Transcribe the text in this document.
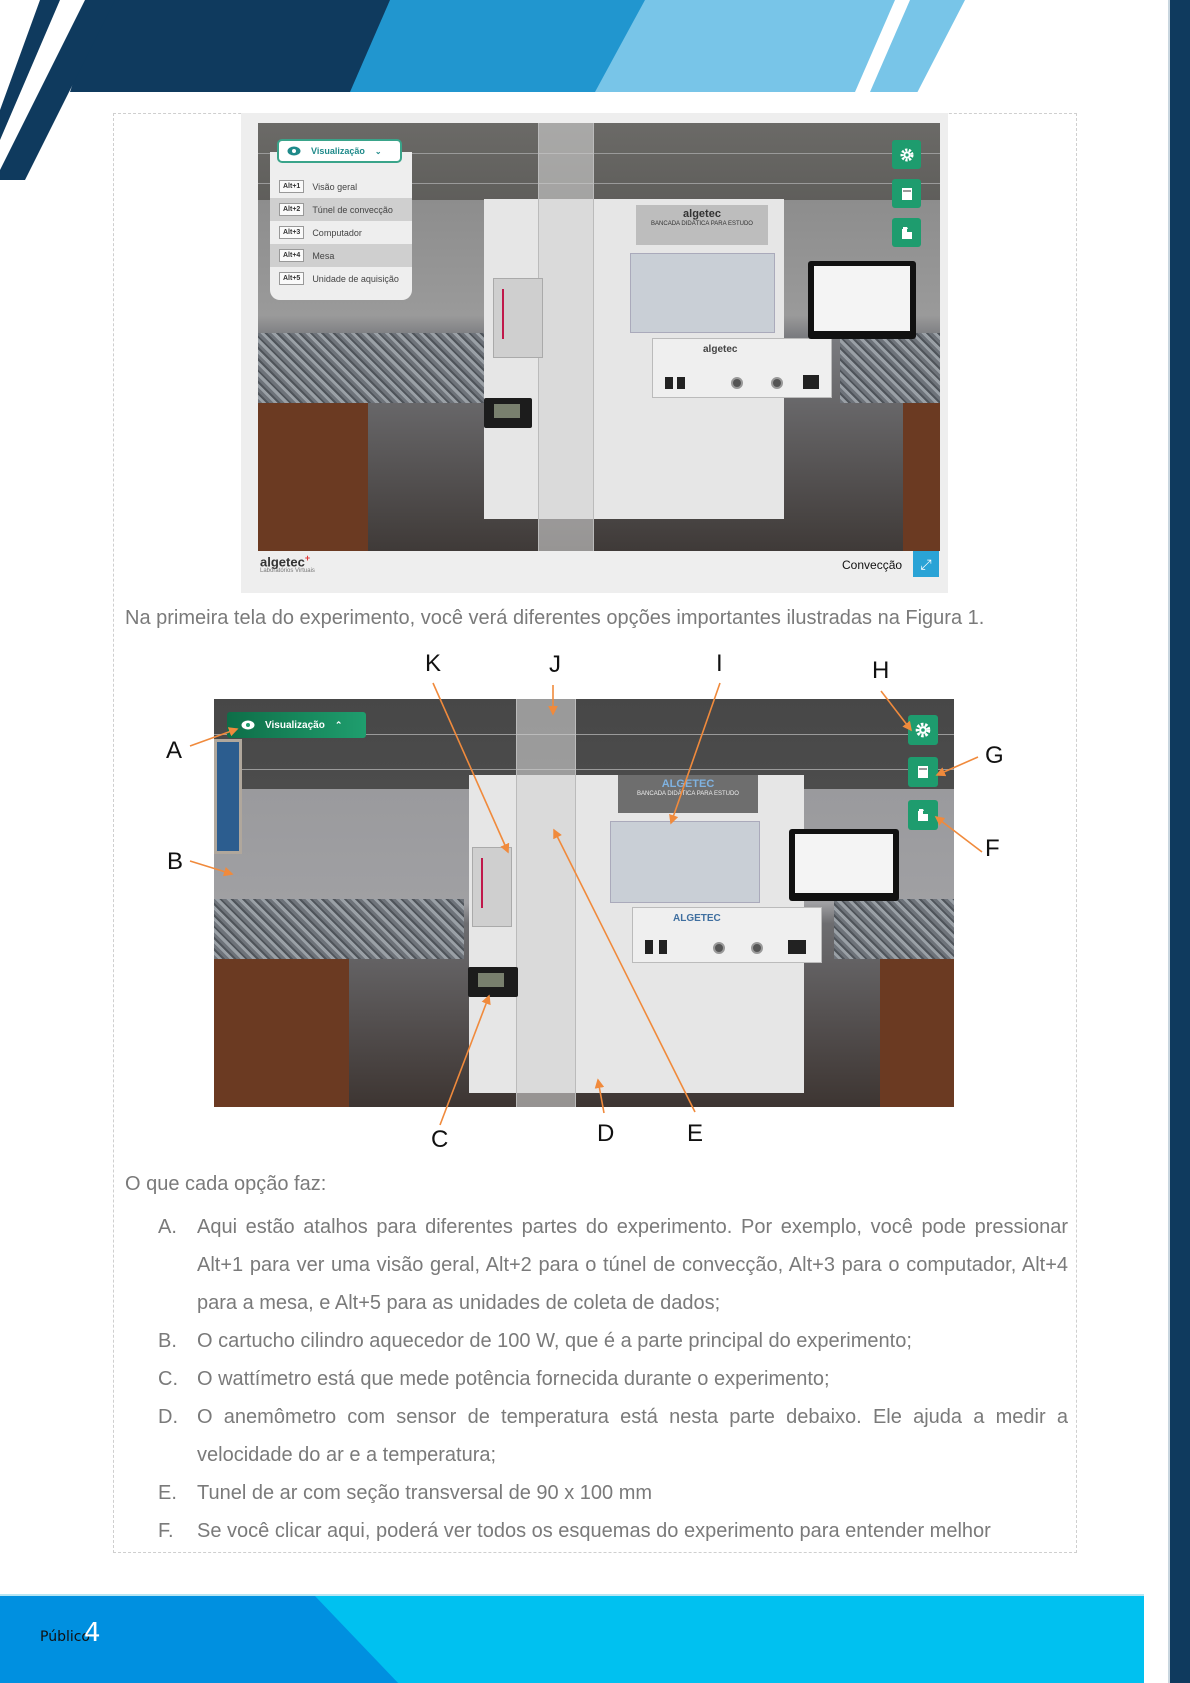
algetec
BANCADA DIDÁTICA PARA ESTUDO
algetec
Alt+1	Visão geral
Alt+2	Túnel de convecção
Alt+3	Computador
Alt+4	Mesa
Alt+5	Unidade de aquisição
Visualização ⌄
algetec+
Laboratórios Virtuais	Convecção ⤢
Na primeira tela do experimento, você verá diferentes opções importantes ilustradas na Figura 1.
ALGETEC
BANCADA DIDÁTICA PARA ESTUDO
ALGETEC
Visualização ⌃
A
B
C	D	E
F
G
H
I
J
K
O que cada opção faz:
A.	Aqui estão atalhos para diferentes partes do experimento. Por exemplo, você pode pressionar Alt+1 para ver uma visão geral, Alt+2 para o túnel de convecção, Alt+3 para o computador, Alt+4 para a mesa, e Alt+5 para as unidades de coleta de dados;
B.	O cartucho cilindro aquecedor de 100 W, que é a parte principal do experimento;
C. O wattímetro está que mede potência fornecida durante o experimento;
D. O anemômetro com sensor de temperatura está nesta parte debaixo. Ele ajuda a medir a velocidade do ar e a temperatura;
E.	Tunel de ar com seção transversal de 90 x 100 mm
F.	Se você clicar aqui, poderá ver todos os esquemas do experimento para entender melhor
Público
4
